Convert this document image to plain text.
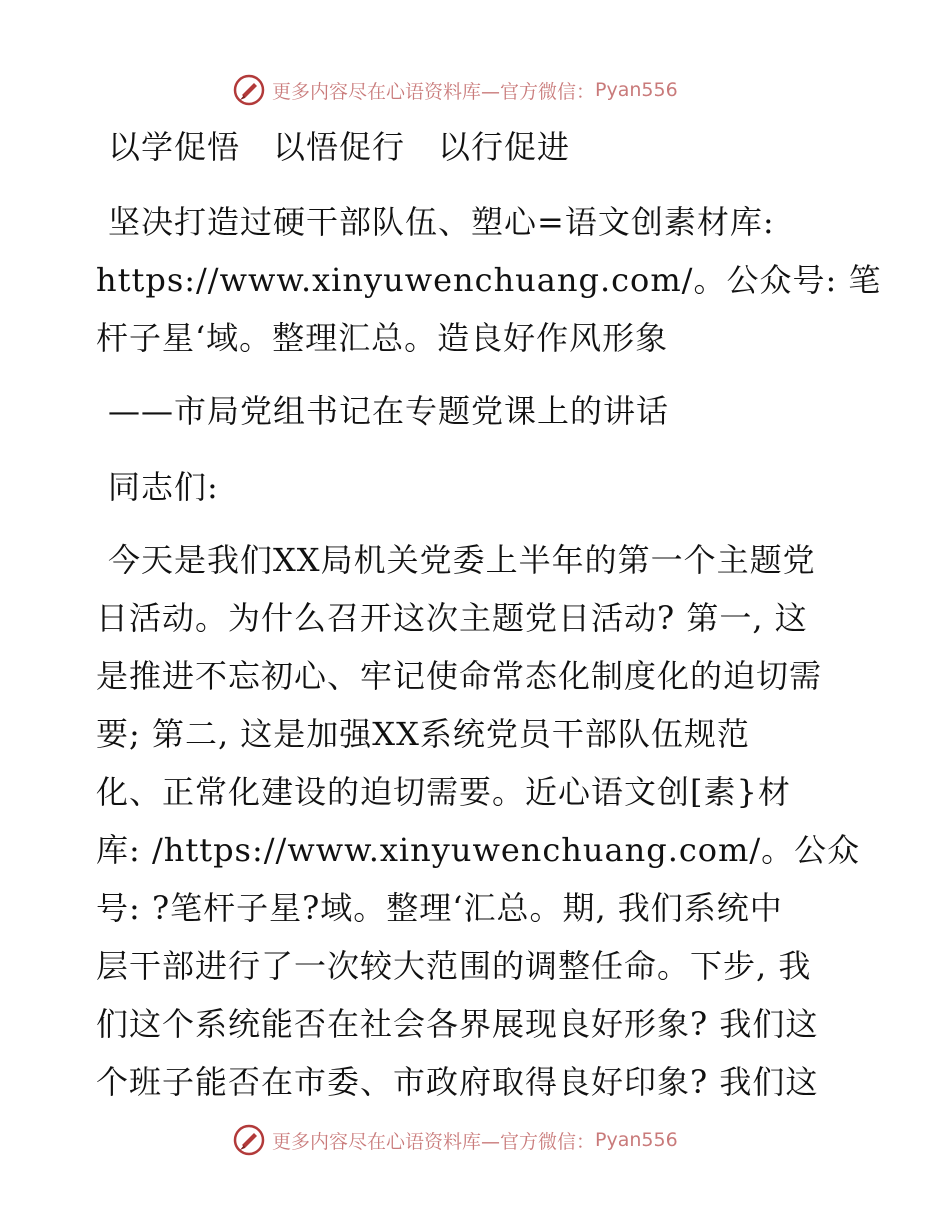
更多内容尽在心语资料库—官方微信： Pyan556
以学促悟　以悟促行　以行促进
坚决打造过硬干部队伍、塑心=语文创素材库:
https://www.xinyuwenchuang.com/。公众号: 笔
杆子星‘域。整理汇总。造良好作风形象
——市局党组书记在专题党课上的讲话
同志们:
今天是我们XX局机关党委上半年的第一个主题党
日活动。为什么召开这次主题党日活动? 第一, 这
是推进不忘初心、牢记使命常态化制度化的迫切需
要; 第二, 这是加强XX系统党员干部队伍规范
化、正常化建设的迫切需要。近心语文创[素}材
库: /https://www.xinyuwenchuang.com/。公众
号: ?笔杆子星?域。整理‘汇总。期, 我们系统中
层干部进行了一次较大范围的调整任命。下步, 我
们这个系统能否在社会各界展现良好形象? 我们这
个班子能否在市委、市政府取得良好印象? 我们这
更多内容尽在心语资料库—官方微信： Pyan556
